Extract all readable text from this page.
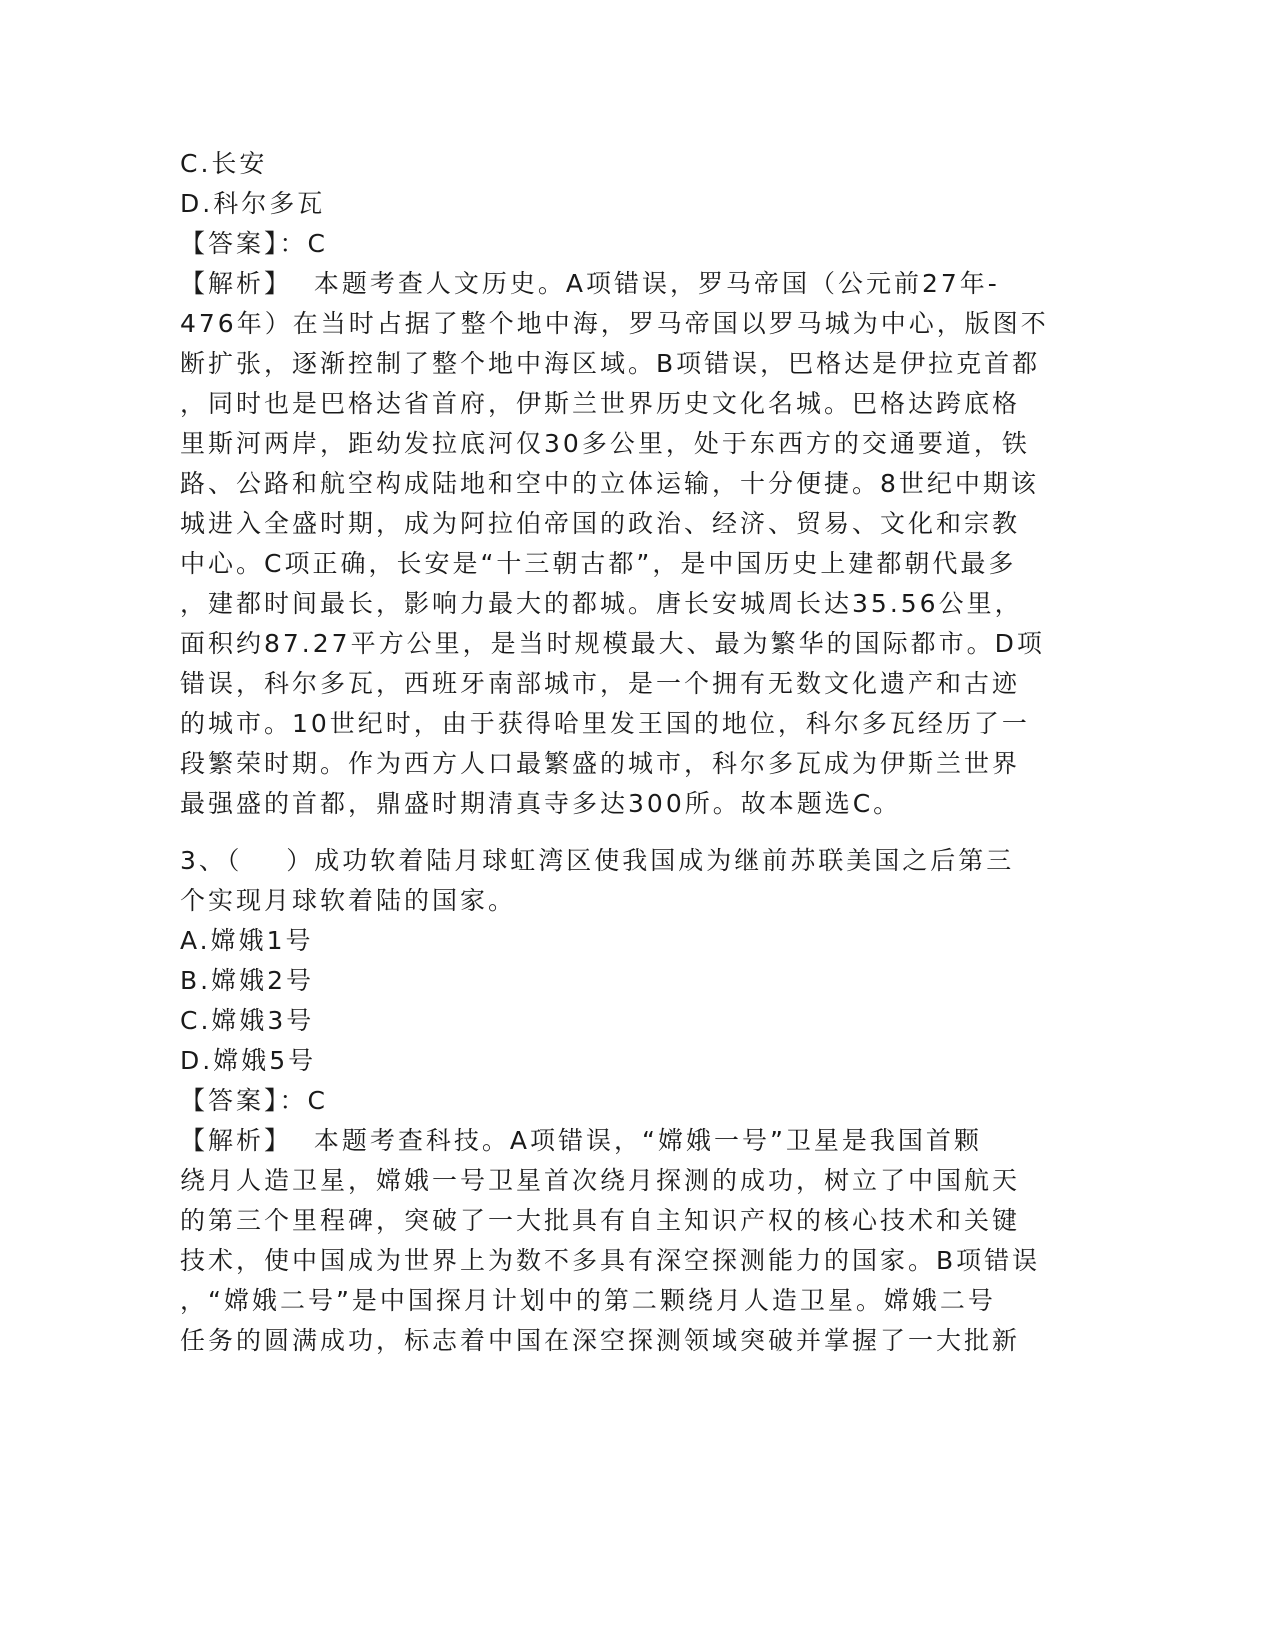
C.长安

D.科尔多瓦

【答案】：C

【解析】  本题考查人文历史。A项错误，罗马帝国（公元前27年-

476年）在当时占据了整个地中海，罗马帝国以罗马城为中心，版图不

断扩张，逐渐控制了整个地中海区域。B项错误，巴格达是伊拉克首都

，同时也是巴格达省首府，伊斯兰世界历史文化名城。巴格达跨底格

里斯河两岸，距幼发拉底河仅30多公里，处于东西方的交通要道，铁

路、公路和航空构成陆地和空中的立体运输，十分便捷。8世纪中期该

城进入全盛时期，成为阿拉伯帝国的政治、经济、贸易、文化和宗教

中心。C项正确，长安是“十三朝古都”，是中国历史上建都朝代最多

，建都时间最长，影响力最大的都城。唐长安城周长达35.56公里，

面积约87.27平方公里，是当时规模最大、最为繁华的国际都市。D项

错误，科尔多瓦，西班牙南部城市，是一个拥有无数文化遗产和古迹

的城市。10世纪时，由于获得哈里发王国的地位，科尔多瓦经历了一

段繁荣时期。作为西方人口最繁盛的城市，科尔多瓦成为伊斯兰世界

最强盛的首都，鼎盛时期清真寺多达300所。故本题选C。

3、（    ）成功软着陆月球虹湾区使我国成为继前苏联美国之后第三

个实现月球软着陆的国家。

A.嫦娥1号

B.嫦娥2号

C.嫦娥3号

D.嫦娥5号

【答案】：C

【解析】  本题考查科技。A项错误，“嫦娥一号”卫星是我国首颗

绕月人造卫星，嫦娥一号卫星首次绕月探测的成功，树立了中国航天

的第三个里程碑，突破了一大批具有自主知识产权的核心技术和关键

技术，使中国成为世界上为数不多具有深空探测能力的国家。B项错误

，“嫦娥二号”是中国探月计划中的第二颗绕月人造卫星。嫦娥二号

任务的圆满成功，标志着中国在深空探测领域突破并掌握了一大批新
